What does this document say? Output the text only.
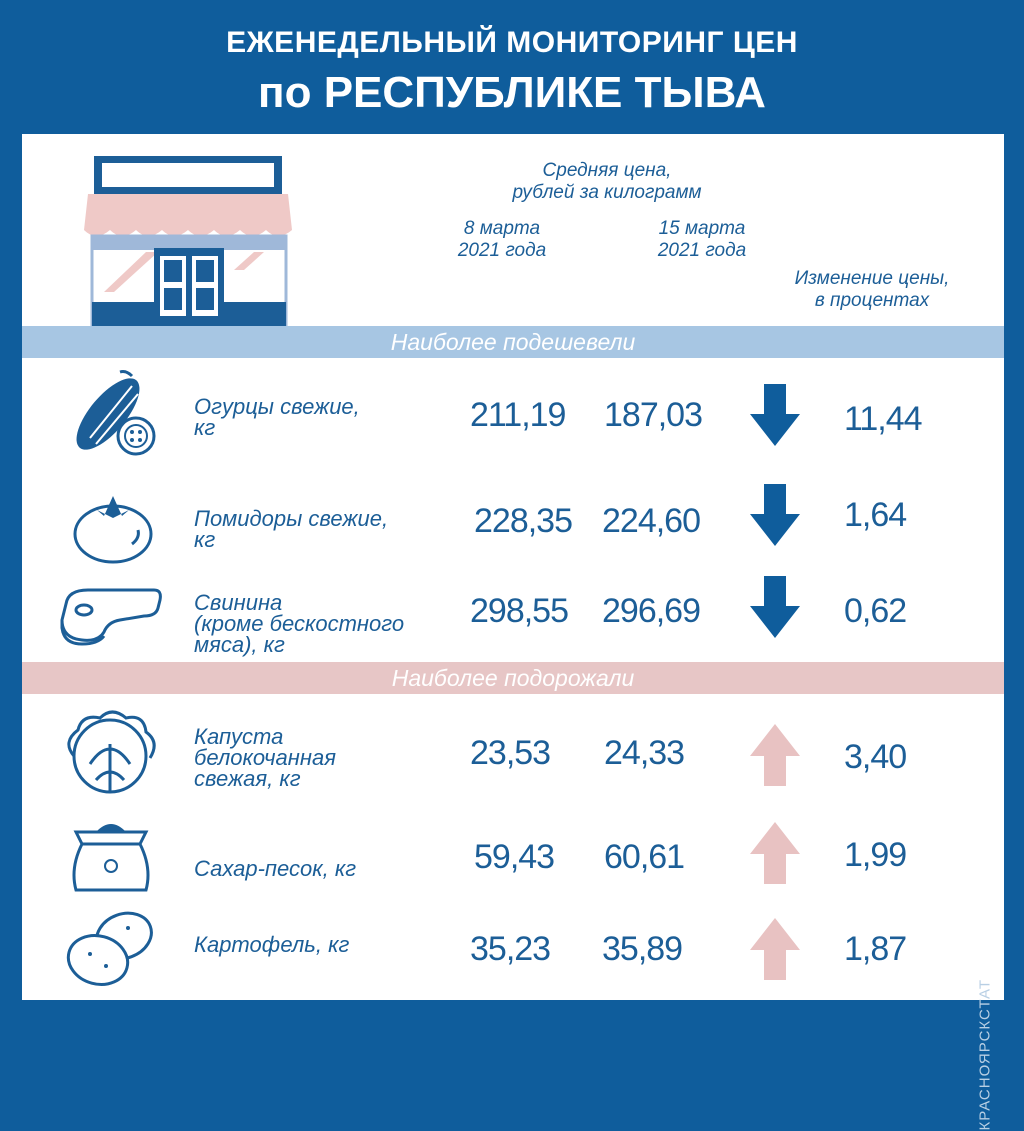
ЕЖЕНЕДЕЛЬНЫЙ МОНИТОРИНГ ЦЕН
по РЕСПУБЛИКЕ ТЫВА
Средняя цена,
рублей за килограмм
8 марта
2021 года
15 марта
2021 года
Изменение цены,
в процентах
Наиболее подешевели
Наиболее подорожали
Огурцы свежие,
кг	211,19 187,03	11,44
Помидоры свежие,
кг	228,35 224,60	1,64
Свинина
(кроме бескостного
мяса), кг
298,55 296,69	0,62
Капуста
белокочанная
свежая, кг
23,53 24,33	3,40
Сахар-песок, кг	59,43 60,61	1,99
Картофель, кг	35,23 35,89	1,87
КРАСНОЯРСКСТАТ
